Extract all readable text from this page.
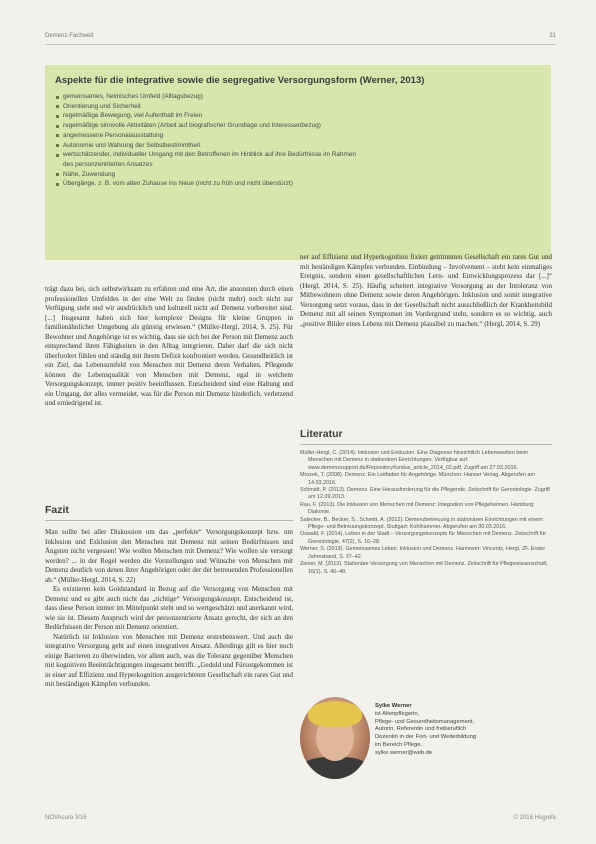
Demenz-Fachwelt	31
Aspekte für die integrative sowie die segregative Versorgungsform (Werner, 2013)
gemeinsames, heimisches Umfeld (Alltagsbezug)
Orientierung und Sicherheit
regelmäßige Bewegung, viel Aufenthalt im Freien
regelmäßige sinnvolle Aktivitäten (Arbeit auf biografischer Grundlage und Interessenbezug)
angemessene Personalausstattung
Autonomie und Wahrung der Selbstbestimmtheit
wertschätzender, individueller Umgang mit den Betroffenen im Hinblick auf ihre Bedürfnisse im Rahmen
des personzentrierten Ansatzes
Nähe, Zuwendung
Übergänge, z. B. vom alten Zuhause ins Neue (nicht zu früh und nicht überstürzt)

trägt dazu bei, sich selbstwirksam zu erfahren und eine Art, die ansonsten durch einen professionellen Umfeldes in der eine Welt zu finden (nicht mehr) noch nicht zur Verfügung steht und wir ausdrücklich und kulturell nicht auf Demenz vorbereitet sind. [...] Insgesamt haben sich hier komplexe Designs für kleine Gruppen in familienähnlicher Umgebung als günstig erwiesen.“ (Müller-Hergl, 2014, S. 25). Für Bewohner und Angehörige ist es wichtig, dass sie sich bei der Person mit Demenz auch entsprechend ihren Fähigkeiten in den Alltag integrieren. Daher darf die sich nicht überfordert fühlen und ständig mit ihrem Defizit konfrontiert werden. Gesundheitlich ist ein Ziel, das Lebensumfeld von Menschen mit Demenz deren Verhalten. Pflegende können die Lebensqualität von Menschen mit Demenz, egal in welchem Versorgungskonzept, immer positiv beeinflussen. Entscheidend sind eine Haltung und ein Umgang, der alles vermeidet, was für die Person mit Demenz hinderlich, verletzend und erniedrigend ist.

Fazit

Man sollte bei aller Diskussion um das „perfekte“ Versorgungskonzept bzw. um Inklusion und Exklusion den Menschen mit Demenz mit seinen Bedürfnissen und Ängsten nicht vergessen! Wie wollen Menschen mit Demenz? Wie wollen sie versorgt werden? ... in der Regel werden die Vorstellungen und Wünsche von Menschen mit Demenz deutlich von denen ihrer Angehörigen oder der der betreuenden Professionellen ab.“ (Müller-Hergl, 2014, S. 22)

Es existieren kein Goldstandard in Bezug auf die Versorgung von Menschen mit Demenz und es gibt auch nicht das „richtige“ Versorgungskonzept. Entscheidend ist, dass diese Person immer im Mittelpunkt steht und so wertgeschätzt und anerkannt wird, wie sie ist. Diesem Anspruch wird der personzentrierte Ansatz gerecht, der sich an den Bedürfnissen der Person mit Demenz orientiert.

Natürlich ist Inklusion von Menschen mit Demenz erstrebenswert. Und auch die integrative Versorgung geht auf einen integrativen Ansatz. Allerdings gilt es hier noch einige Barrieren zu überwinden, vor allem auch, was die Toleranz gegenüber Menschen mit kognitiven Beeinträchtigungen insgesamt betrifft. „Geduld und Fürsorgekommen ist in einer auf Effizienz und Hyperkognition ausgerichteten Gesellschaft ein rares Gut und mit beständigen Kämpfen verbunden.

ner auf Effizienz und Hyperkognition fixiert getrimmten Gesellschaft ein rares Gut und mit beständigen Kämpfen verbunden. Einbindung – Involvement – steht kein einmaliges Ereignis, sondern einen gesellschaftlichen Lern- und Entwicklungsprozess dar [...]“ (Hergl, 2014, S. 25). Häufig scheitert integrative Versorgung an der Intoleranz von Mitbewohnern ohne Demenz sowie deren Angehörigen. Inklusion und somit integrative Versorgung setzt voraus, dass in der Gesellschaft nicht ausschließlich der Krankheitsbild Demenz mit all seinen Symptomen im Vordergrund steht, sondern es so wichtig, auch „positive Bilder eines Lebens mit Demenz plausibel zu machen.“ (Hergl, 2014, S. 29)

Literatur

Müller-Hergl, C. (2014). Inklusion und Exklusion. Eine Diagnose hinsichtlich Lebenswelten beim Menschen mit Demenz in stationären Einrichtungen. Verfügbar auf: www.demenzsupport.de/Repository/fundus_article_2014_02.pdf, Zugriff am 27.03.2016.

Mrozek, T. (2008). Demenz. Ein Leitfaden für Angehörige. München: Hanser Verlag. Abgerufen am 14.03.2016.

Schmidt, P. (2013). Demenz. Eine Herausforderung für die Pflegende. Zeitschrift für Gerontologie. Zugriff am 12.09.2013.

Rau, F. (2013). Die Inklusion von Menschen mit Demenz: Integration von Pflegeheimen. Hamburg: Diakonie.

Salecker, B., Becker, S., Schmitt, A. (2012). Demenzbetreuung in stationären Einrichtungen mit einem Pflege- und Betreuungskonzept. Stuttgart: Kohlhammer. Abgerufen am 30.03.2016.

Oswald, F. (2014). Leben in der Stadt – Versorgungskonzepte für Menschen mit Demenz. Zeitschrift für Gerontologie, 47(2), S. 16–28.

Werner, S. (2013). Gemeinsames Leben. Inklusion und Demenz. Hannover: Vincentz, Hergl, ZF. Erster Jahresband, S. 37–42.

Zeiner, M. (2013). Stationäre Versorgung von Menschen mit Demenz. Zeitschrift für Pflegewissenschaft, 16(1), S. 40–48.

Sylke Werner
ist Altenpflegerin,
Pflege- und Gesundheitsmanagement,
Autorin, Referentin und freiberuflich
Dozentin in der Fort- und Weiterbildung
im Bereich Pflege.
sylke.werner@web.de
NOVAcura 3/16	© 2016 Hogrefe
